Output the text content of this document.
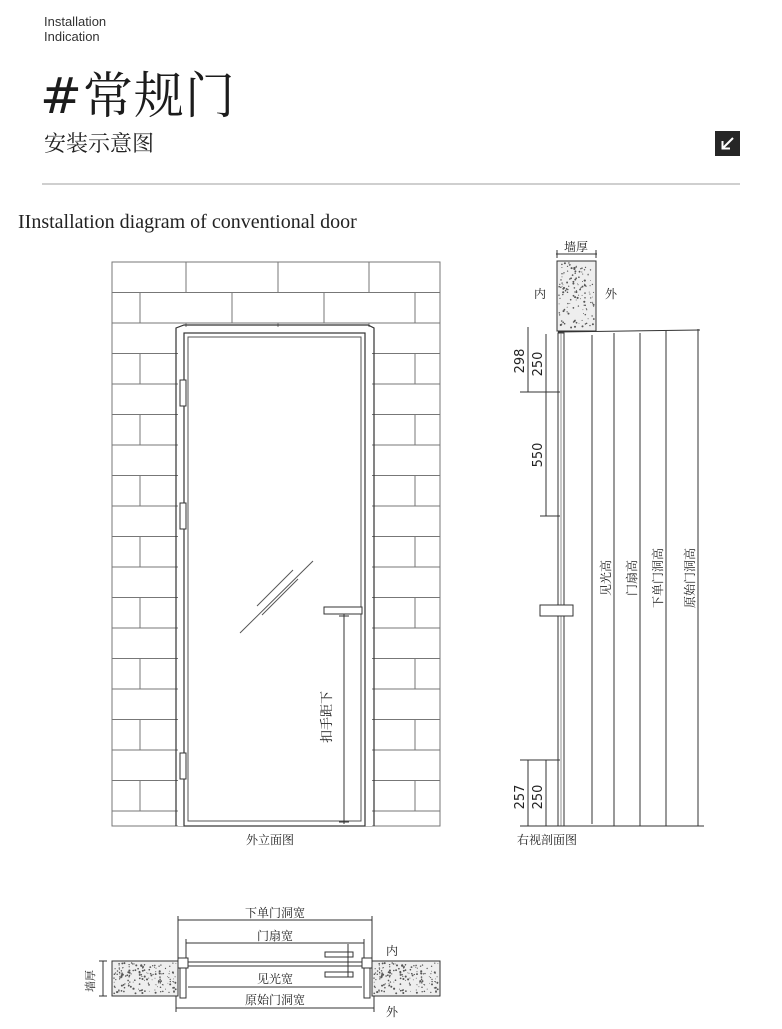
Installation
Indication
#常规门
安装示意图
IInstallation diagram of conventional door
扣手距下
外立面图
墙厚
内	外
298 250
550
257 250
见光高 门扇高 下单门洞高 原始门洞高
右视剖面图
墙厚
下单门洞宽
门扇宽
见光宽
原始门洞宽
内
外
